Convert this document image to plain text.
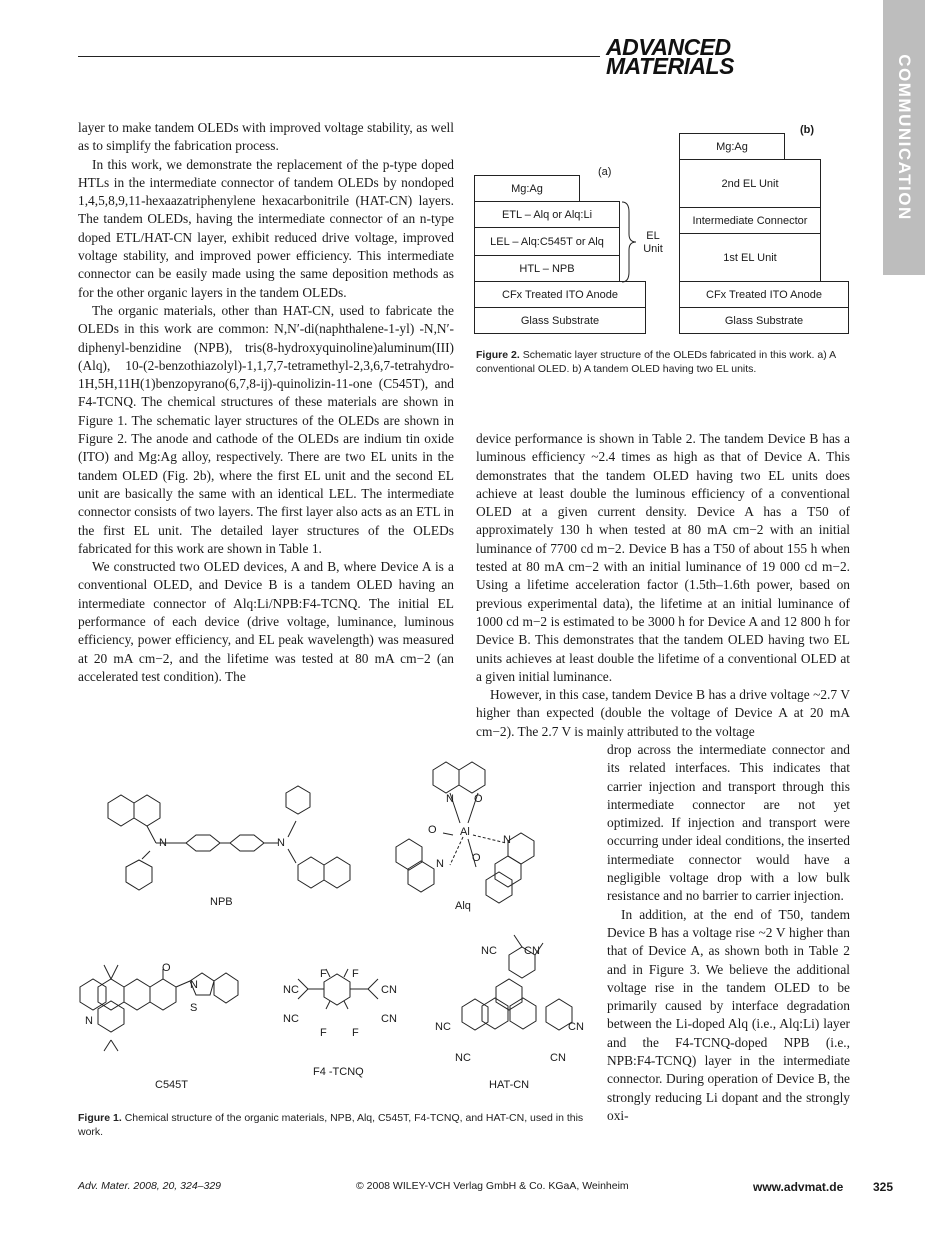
ADVANCED
MATERIALS	COMMUNICATION

layer to make tandem OLEDs with improved voltage stability, as well as to simplify the fabrication process.

In this work, we demonstrate the replacement of the p-type doped HTLs in the intermediate connector of tandem OLEDs by nondoped 1,4,5,8,9,11-hexaazatriphenylene hexacarbonitrile (HAT-CN) layers. The tandem OLEDs, having the intermediate connector of an n-type doped ETL/HAT-CN layer, exhibit reduced drive voltage, improved voltage stability, and improved power efficiency. This intermediate connector can be easily made using the same deposition methods as for the other organic layers in the tandem OLEDs.

The organic materials, other than HAT-CN, used to fabricate the OLEDs in this work are common: N,N′-di(naphthalene-1-yl) -N,N′-diphenyl-benzidine (NPB), tris(8-hydroxyquinoline)aluminum(III) (Alq), 10-(2-benzothiazolyl)-1,1,7,7-tetramethyl-2,3,6,7-tetrahydro-1H,5H,11H(1)benzopyrano(6,7,8-ij)-quinolizin-11-one (C545T), and F4-TCNQ. The chemical structures of these materials are shown in Figure 1. The schematic layer structures of the OLEDs are shown in Figure 2. The anode and cathode of the OLEDs are indium tin oxide (ITO) and Mg:Ag alloy, respectively. There are two EL units in the tandem OLED (Fig. 2b), where the first EL unit and the second EL unit are basically the same with an identical LEL. The intermediate connector consists of two layers. The first layer also acts as an ETL in the first EL unit. The detailed layer structures of the OLEDs fabricated for this work are shown in Table 1.

We constructed two OLED devices, A and B, where Device A is a conventional OLED, and Device B is a tandem OLED having an intermediate connector of Alq:Li/NPB:F4-TCNQ. The initial EL performance of each device (drive voltage, luminance, luminous efficiency, power efficiency, and EL peak wavelength) was measured at 20 mA cm−2, and the lifetime was tested at 80 mA cm−2 (an accelerated test condition). The

(a)
(b)
Mg:Ag
ETL – Alq or Alq:Li
LEL – Alq:C545T or Alq
HTL – NPB
CFx Treated ITO Anode
Glass Substrate
EL Unit
Mg:Ag
2nd EL Unit
Intermediate Connector
1st EL Unit
CFx Treated ITO Anode
Glass Substrate
Figure 2. Schematic layer structure of the OLEDs fabricated in this work. a) A conventional OLED. b) A tandem OLED having two EL units.

device performance is shown in Table 2. The tandem Device B has a luminous efficiency ~2.4 times as high as that of Device A. This demonstrates that the tandem OLED having two EL units does achieve at least double the luminous efficiency of a conventional OLED at a given current density. Device A has a T50 of approximately 130 h when tested at 80 mA cm−2 with an initial luminance of 7700 cd m−2. Device B has a T50 of about 155 h when tested at 80 mA cm−2 with an initial luminance of 19 000 cd m−2. Using a lifetime acceleration factor (1.5th–1.6th power, based on previous experimental data), the lifetime at an initial luminance of 1000 cd m−2 is estimated to be 3000 h for Device A and 12 800 h for Device B. This demonstrates that the tandem OLED having two EL units achieves at least double the lifetime of a conventional OLED at a given initial luminance.

However, in this case, tandem Device B has a drive voltage ~2.7 V higher than expected (double the voltage of Device A at 20 mA cm−2). The 2.7 V is mainly attributed to the voltage

drop across the intermediate connector and its related interfaces. This indicates that carrier injection and transport through this intermediate connector are not yet optimized. If injection and transport were occurring under ideal conditions, the inserted intermediate connector would have a negligible voltage drop with a low bulk resistance and no barrier to carrier injection.

In addition, at the end of T50, tandem Device B has a voltage rise ~2 V higher than that of Device A, as shown both in Table 2 and in Figure 3. We believe the additional voltage rise in the tandem OLED to be primarily caused by interface degradation between the Li-doped Alq (i.e., Alq:Li) layer and the F4-TCNQ-doped NPB (i.e., NPB:F4-TCNQ) layer in the intermediate connector. During operation of Device B, the strongly reducing Li dopant and the strongly oxi-

N	N
N O
O Al
N
N	O
O
N
S
N
F F
F F
NC
NC
CN
CN
NC CN
NC	CN
NC	CN
NPB	Alq
C545T
F4 -TCNQ
HAT-CN
Figure 1. Chemical structure of the organic materials, NPB, Alq, C545T, F4-TCNQ, and HAT-CN, used in this work.
Adv. Mater. 2008, 20, 324–329	© 2008 WILEY-VCH Verlag GmbH & Co. KGaA, Weinheim	www.advmat.de 325
